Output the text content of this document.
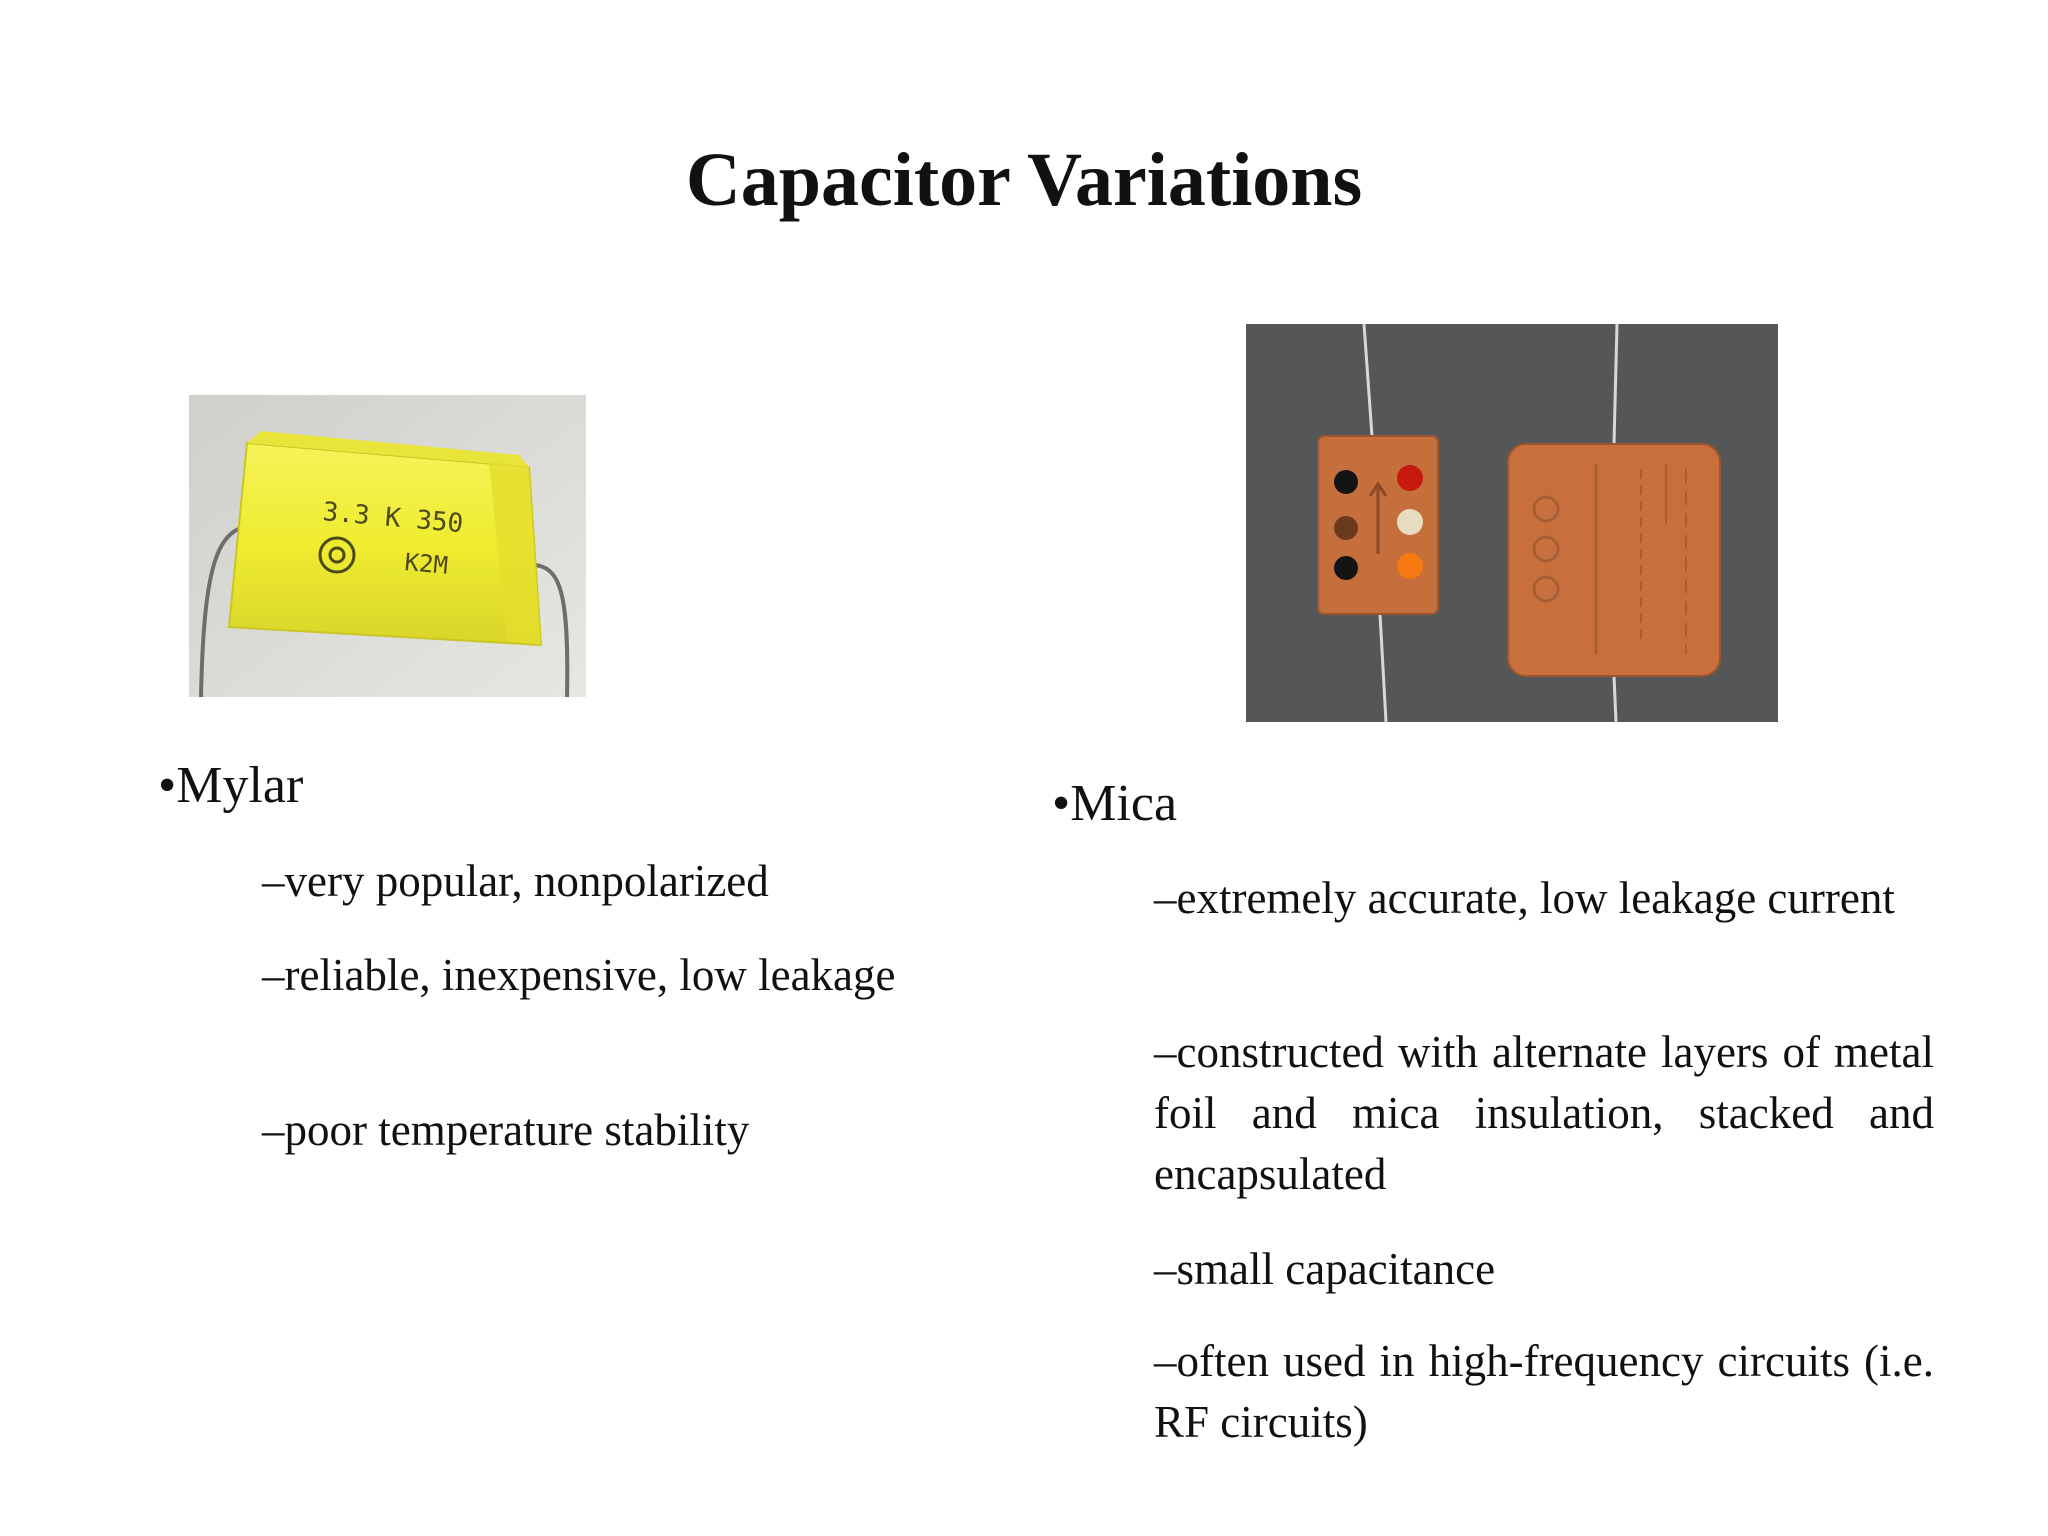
Capacitor Variations
3.3 K 350
K2M
•Mylar
–very popular, nonpolarized
–reliable, inexpensive, low leakage
–poor temperature stability
•Mica
–extremely accurate, low leakage current
–constructed with alternate layers of metal foil and mica insulation, stacked and encapsulated
–small capacitance
–often used in high-frequency circuits (i.e. RF circuits)
